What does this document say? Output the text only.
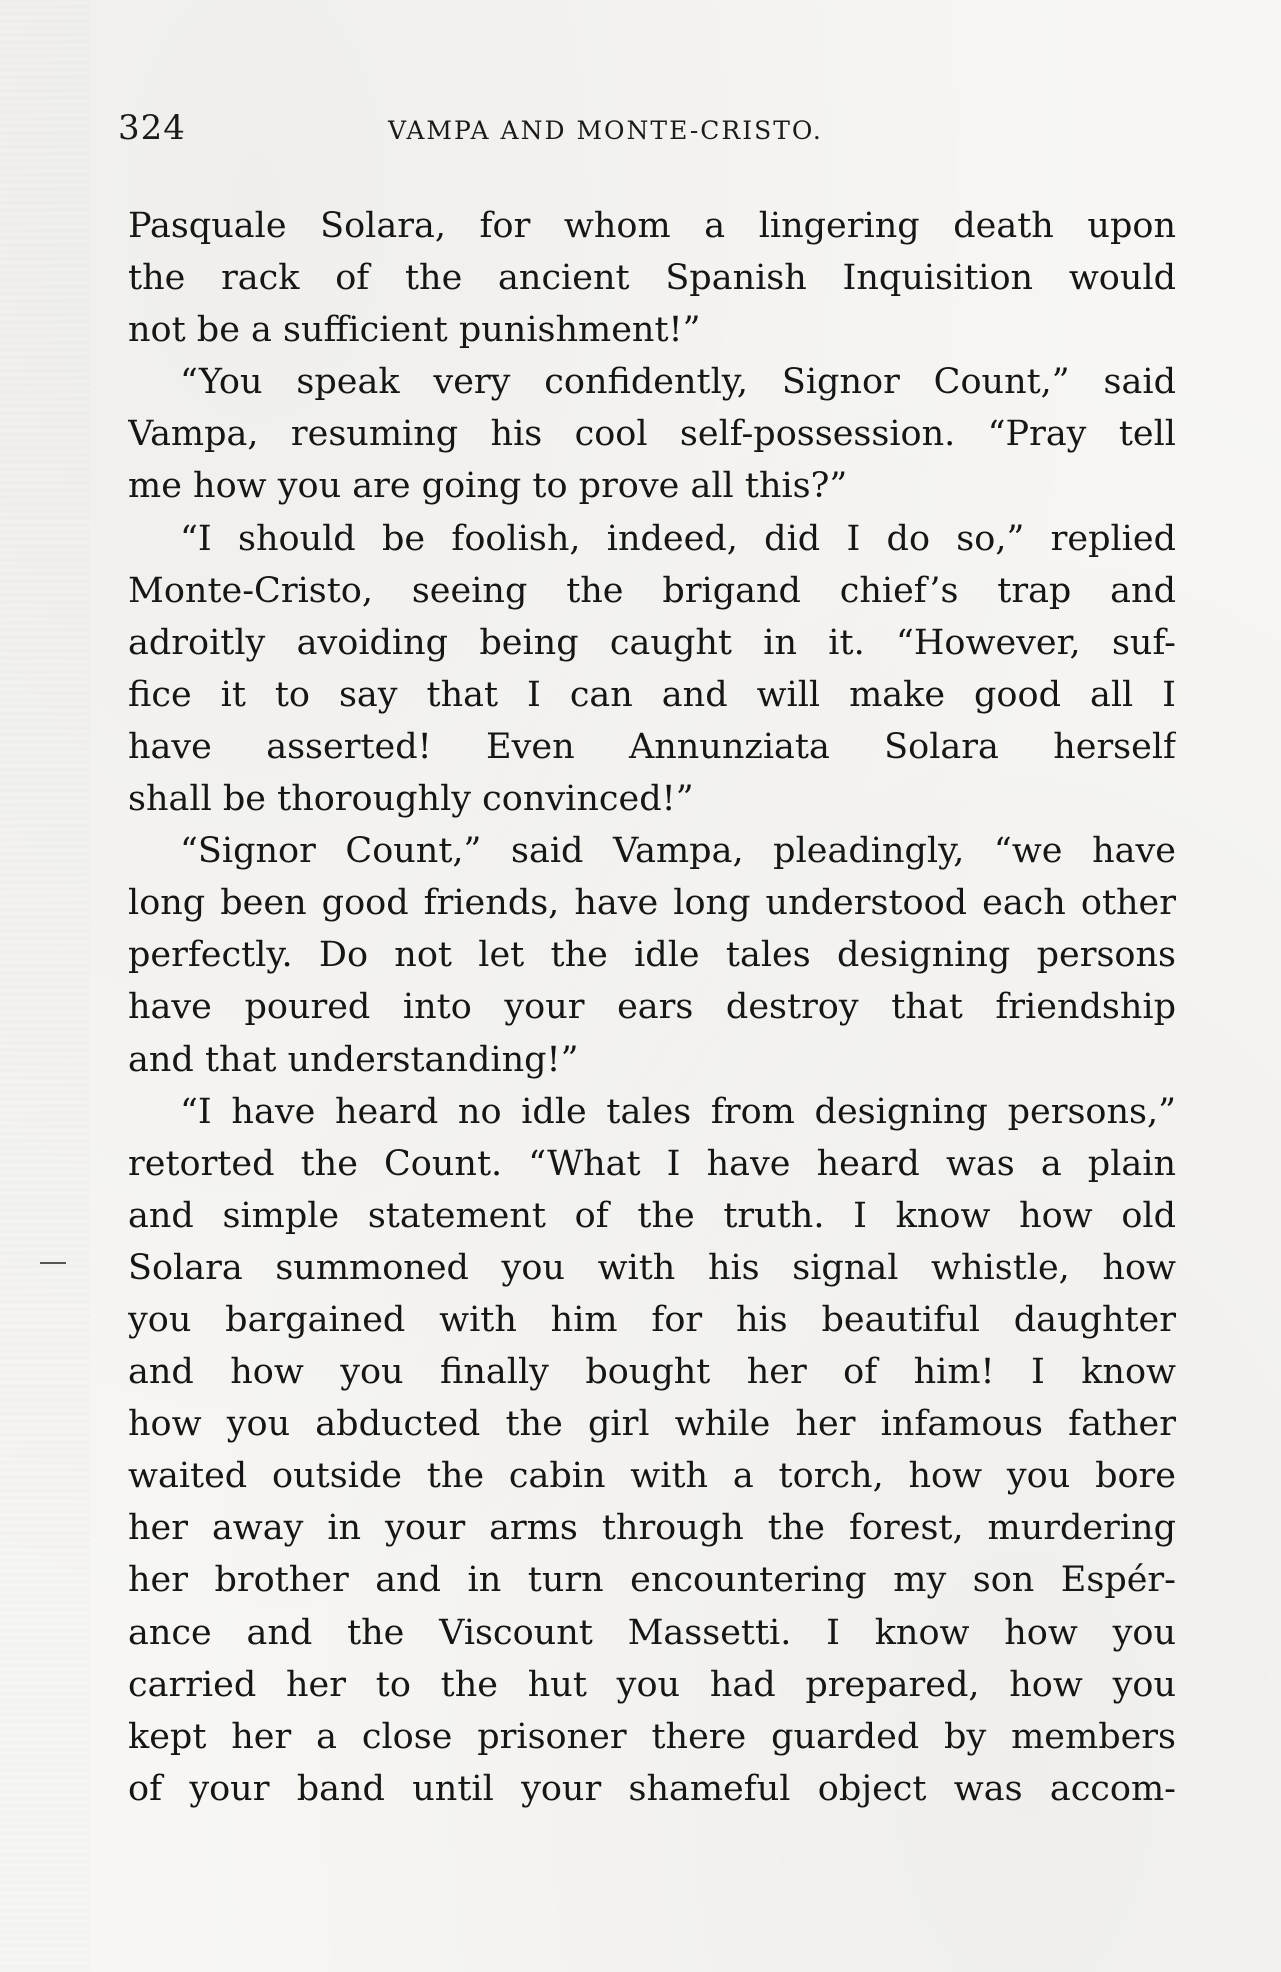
324	VAMPA AND MONTE-CRISTO.
Pasquale Solara, for whom a lingering death upon
the rack of the ancient Spanish Inquisition would
not be a sufficient punishment!”
“You speak very confidently, Signor Count,” said
Vampa, resuming his cool self-possession. “Pray tell
me how you are going to prove all this?”
“I should be foolish, indeed, did I do so,” replied
Monte-Cristo, seeing the brigand chief’s trap and
adroitly avoiding being caught in it. “However, suf-
fice it to say that I can and will make good all I
have asserted! Even Annunziata Solara herself
shall be thoroughly convinced!”
“Signor Count,” said Vampa, pleadingly, “we have
long been good friends, have long understood each other
perfectly. Do not let the idle tales designing persons
have poured into your ears destroy that friendship
and that understanding!”
“I have heard no idle tales from designing persons,”
retorted the Count. “What I have heard was a plain
and simple statement of the truth. I know how old
Solara summoned you with his signal whistle, how
you bargained with him for his beautiful daughter
and how you finally bought her of him! I know
how you abducted the girl while her infamous father
waited outside the cabin with a torch, how you bore
her away in your arms through the forest, murdering
her brother and in turn encountering my son Espér-
ance and the Viscount Massetti. I know how you
carried her to the hut you had prepared, how you
kept her a close prisoner there guarded by members
of your band until your shameful object was accom-
